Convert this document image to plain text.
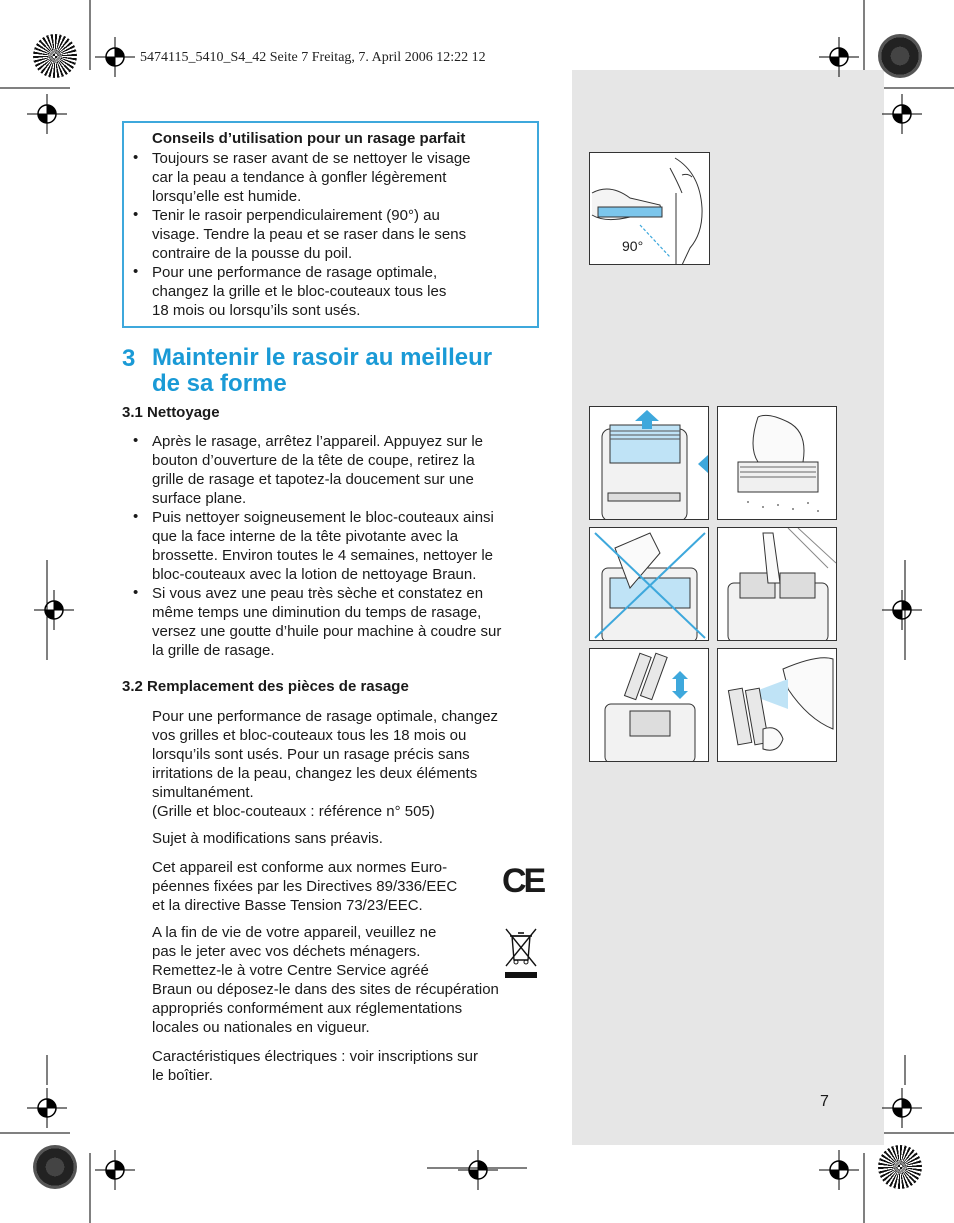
5474115_5410_S4_42 Seite 7 Freitag, 7. April 2006 12:22 12
Conseils d’utilisation pour un rasage parfait
• Toujours se raser avant de se nettoyer le visage
car la peau a tendance à gonfler légèrement
lorsqu’elle est humide.
• Tenir le rasoir perpendiculairement (90°) au
visage. Tendre la peau et se raser dans le sens
contraire de la pousse du poil.
• Pour une performance de rasage optimale,
changez la grille et le bloc-couteaux tous les
18 mois ou lorsqu’ils sont usés.
3 Maintenir le rasoir au meilleur
de sa forme
3.1 Nettoyage
• Après le rasage, arrêtez l’appareil. Appuyez sur le
bouton d’ouverture de la tête de coupe, retirez la
grille de rasage et tapotez-la doucement sur une
surface plane.
• Puis nettoyer soigneusement le bloc-couteaux ainsi
que la face interne de la tête pivotante avec la
brossette. Environ toutes le 4 semaines, nettoyer le
bloc-couteaux avec la lotion de nettoyage Braun.
• Si vous avez une peau très sèche et constatez en
même temps une diminution du temps de rasage,
versez une goutte d’huile pour machine à coudre sur
la grille de rasage.
3.2 Remplacement des pièces de rasage
Pour une performance de rasage optimale, changez
vos grilles et bloc-couteaux tous les 18 mois ou
lorsqu’ils sont usés. Pour un rasage précis sans
irritations de la peau, changez les deux éléments
simultanément.
(Grille et bloc-couteaux : référence n° 505)
Sujet à modifications sans préavis.
Cet appareil est conforme aux normes Euro-
péennes fixées par les Directives 89/336/EEC
et la directive Basse Tension 73/23/EEC.
CE
A la fin de vie de votre appareil, veuillez ne
pas le jeter avec vos déchets ménagers.
Remettez-le à votre Centre Service agréé
Braun ou déposez-le dans des sites de récupération
appropriés conformément aux réglementations
locales ou nationales en vigueur.
Caractéristiques électriques : voir inscriptions sur
le boîtier.
7
90°
